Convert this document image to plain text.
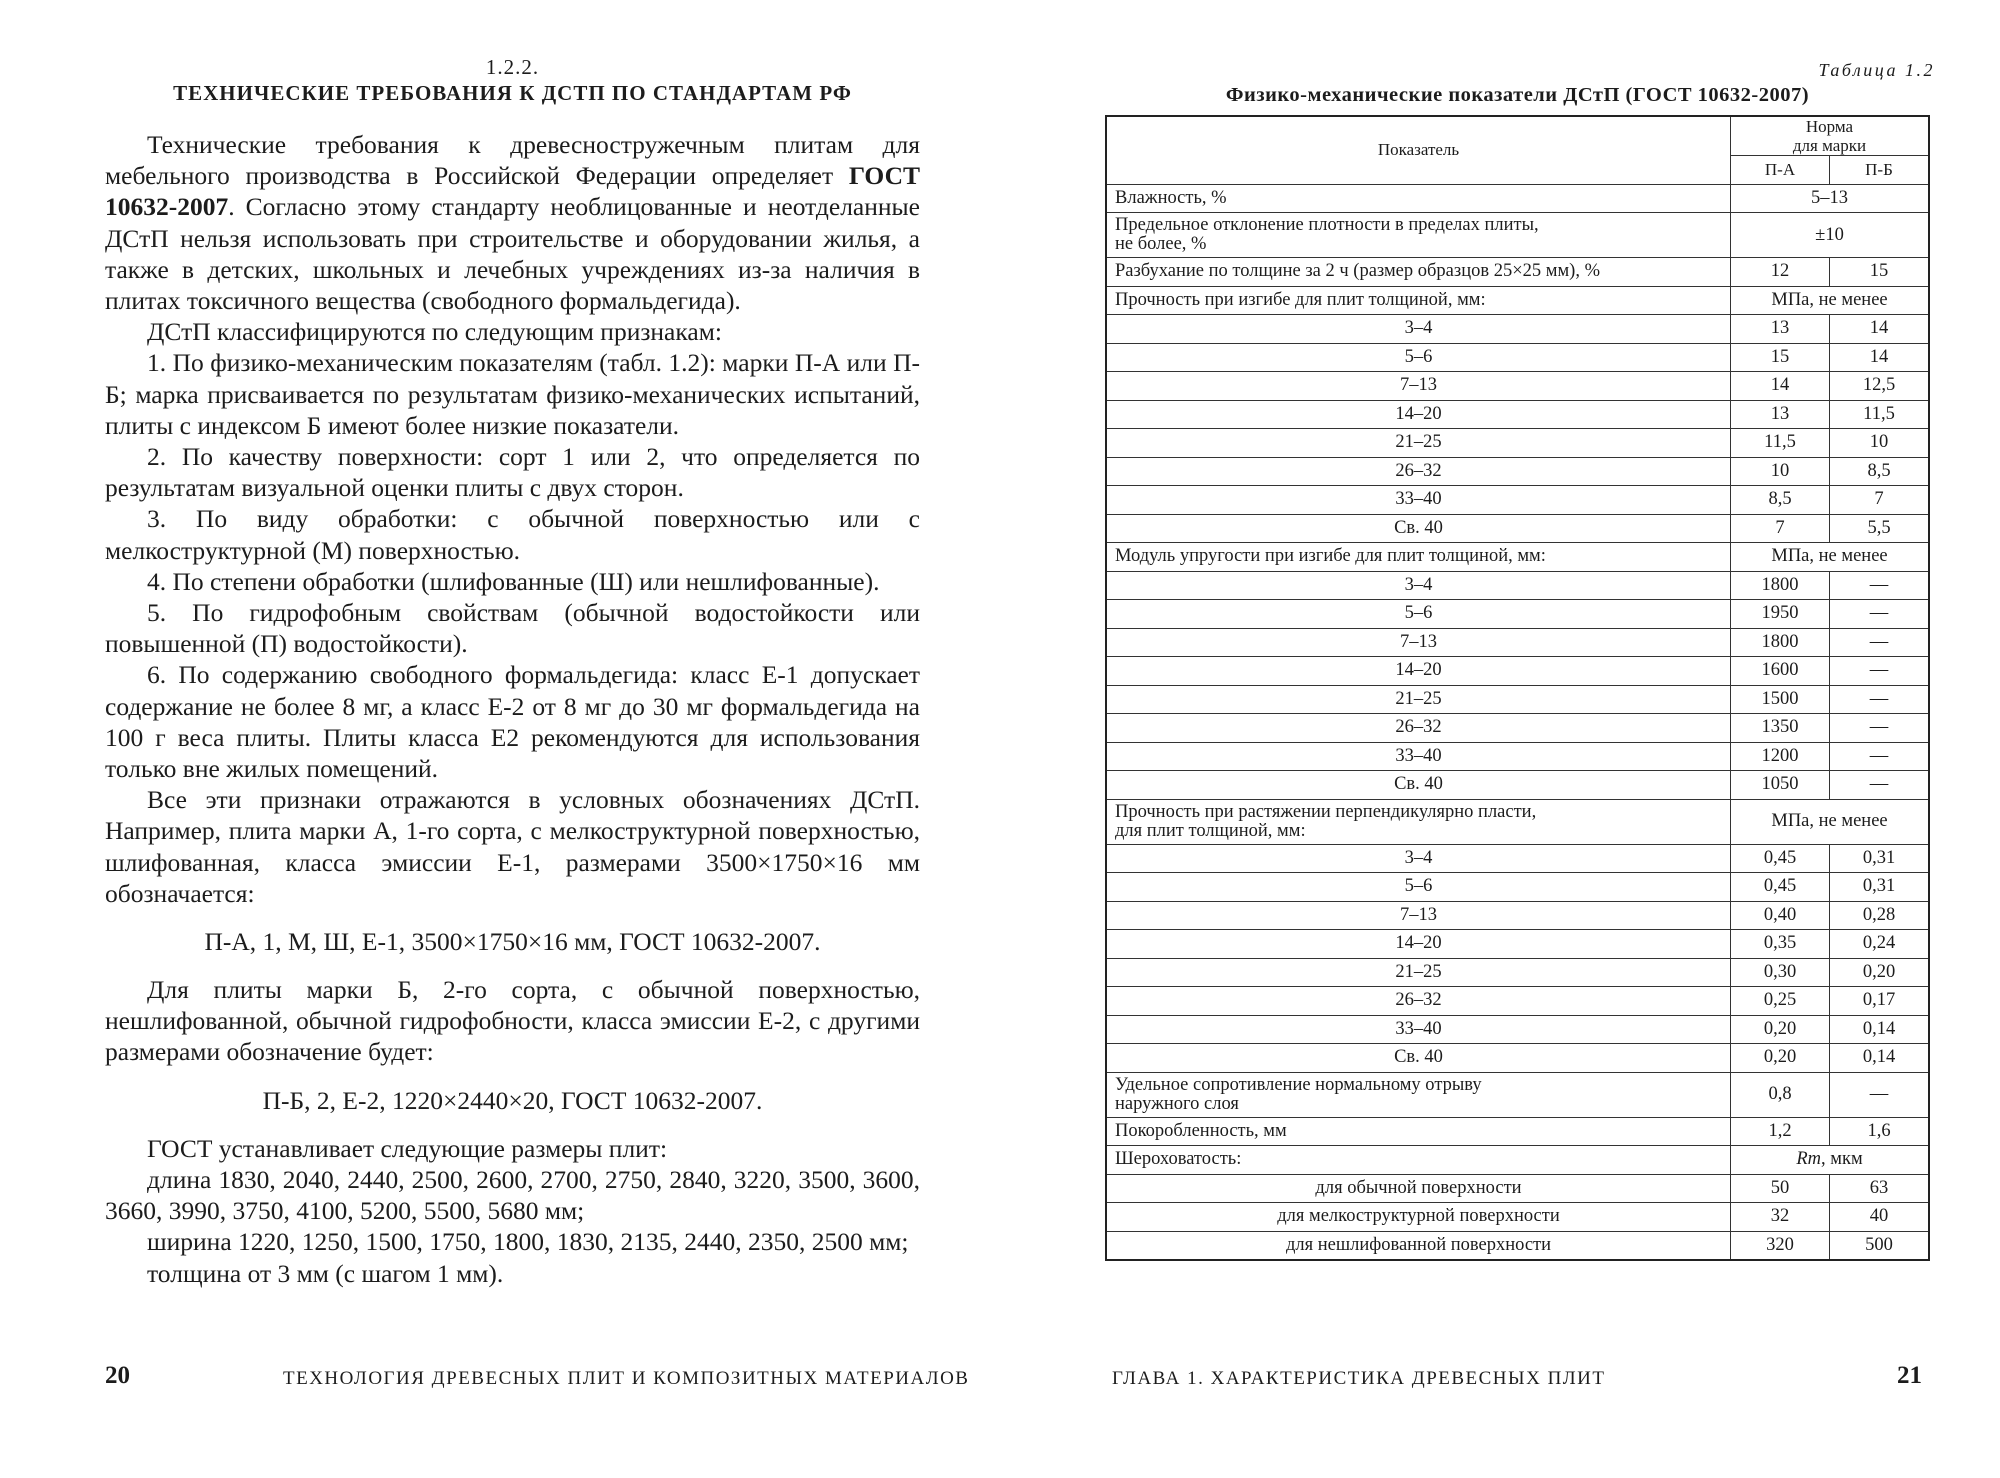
1.2.2.
ТЕХНИЧЕСКИЕ ТРЕБОВАНИЯ К ДСТП ПО СТАНДАРТАМ РФ

Технические требования к древесностружечным плитам для мебельного производства в Российской Федерации определяет ГОСТ 10632-2007. Согласно этому стандарту необлицованные и неотделанные ДСтП нельзя использовать при строительстве и оборудовании жилья, а также в детских, школьных и лечебных учреждениях из-за наличия в плитах токсичного вещества (свободного формальдегида).

ДСтП классифицируются по следующим признакам:

1. По физико-механическим показателям (табл. 1.2): марки П-А или П-Б; марка присваивается по результатам физико-механических испытаний, плиты с индексом Б имеют более низкие показатели.

2. По качеству поверхности: сорт 1 или 2, что определяется по результатам визуальной оценки плиты с двух сторон.

3. По виду обработки: с обычной поверхностью или с мелкоструктурной (М) поверхностью.

4. По степени обработки (шлифованные (Ш) или нешлифованные).

5. По гидрофобным свойствам (обычной водостойкости или повышенной (П) водостойкости).

6. По содержанию свободного формальдегида: класс Е-1 допускает содержание не более 8 мг, а класс Е-2 от 8 мг до 30 мг формальдегида на 100 г веса плиты. Плиты класса Е2 рекомендуются для использования только вне жилых помещений.

Все эти признаки отражаются в условных обозначениях ДСтП. Например, плита марки А, 1-го сорта, с мелкоструктурной поверхностью, шлифованная, класса эмиссии Е-1, размерами 3500×1750×16 мм обозначается:

П-А, 1, М, Ш, Е-1, 3500×1750×16 мм, ГОСТ 10632-2007.

Для плиты марки Б, 2-го сорта, с обычной поверхностью, нешлифованной, обычной гидрофобности, класса эмиссии Е-2, с другими размерами обозначение будет:

П-Б, 2, Е-2, 1220×2440×20, ГОСТ 10632-2007.

ГОСТ устанавливает следующие размеры плит:

длина 1830, 2040, 2440, 2500, 2600, 2700, 2750, 2840, 3220, 3500, 3600, 3660, 3990, 3750, 4100, 5200, 5500, 5680 мм;

ширина 1220, 1250, 1500, 1750, 1800, 1830, 2135, 2440, 2350, 2500 мм;

толщина от 3 мм (с шагом 1 мм).

20	ТЕХНОЛОГИЯ ДРЕВЕСНЫХ ПЛИТ И КОМПОЗИТНЫХ МАТЕРИАЛОВ
Таблица 1.2
Физико-механические показатели ДСтП (ГОСТ 10632-2007)
Показатель	Норма
для марки	
	П-А	П-Б
Влажность, %	5–13	
Предельное отклонение плотности в пределах плиты,
не более, %	±10	
Разбухание по толщине за 2 ч (размер образцов 25×25 мм), %	12	15
Прочность при изгибе для плит толщиной, мм:	МПа, не менее	
3–4	13	14
5–6	15	14
7–13	14	12,5
14–20	13	11,5
21–25	11,5	10
26–32	10	8,5
33–40	8,5	7
Св. 40	7	5,5
Модуль упругости при изгибе для плит толщиной, мм:	МПа, не менее	
3–4	1800	—
5–6	1950	—
7–13	1800	—
14–20	1600	—
21–25	1500	—
26–32	1350	—
33–40	1200	—
Св. 40	1050	—
Прочность при растяжении перпендикулярно пласти,
для плит толщиной, мм:	МПа, не менее	
3–4	0,45	0,31
5–6	0,45	0,31
7–13	0,40	0,28
14–20	0,35	0,24
21–25	0,30	0,20
26–32	0,25	0,17
33–40	0,20	0,14
Св. 40	0,20	0,14
Удельное сопротивление нормальному отрыву
наружного слоя	0,8	—
Покоробленность, мм	1,2	1,6
Шероховатость:	Rm, мкм	
для обычной поверхности	50	63
для мелкоструктурной поверхности	32	40
для нешлифованной поверхности	320	500
ГЛАВА 1. ХАРАКТЕРИСТИКА ДРЕВЕСНЫХ ПЛИТ	21
